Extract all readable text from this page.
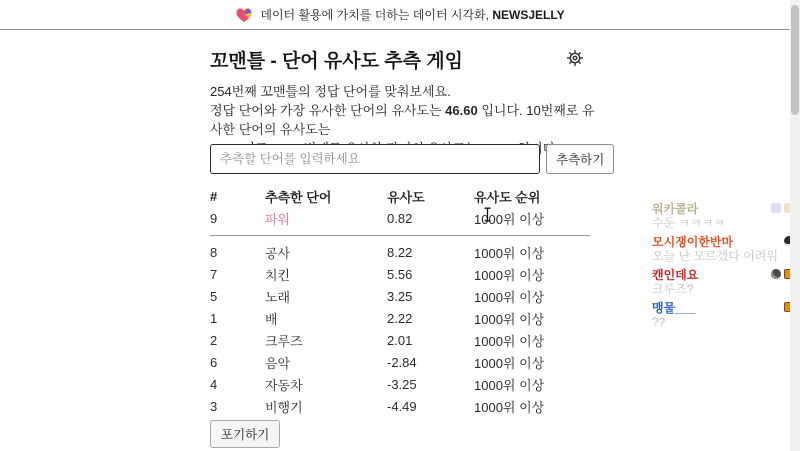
데이터 활용에 가치를 더하는 데이터 시각화, NEWSJELLY
꼬맨틀 - 단어 유사도 추측 게임
254번째 꼬맨틀의 정답 단어를 맞춰보세요.
정답 단어와 가장 유사한 단어의 유사도는 46.60 입니다. 10번째로 유사한 단어의 유사도는

추측할 단어를 입력하세요
추측하기
#	추측한 단어	유사도	유사도 순위
9	파워	0.82	1000위 이상
8	공사	8.22	1000위 이상
7	치킨	5.56	1000위 이상
5	노래	3.25	1000위 이상
1	배	2.22	1000위 이상
2	크루즈	2.01	1000위 이상
6	음악	-2.84	1000위 이상
4	자동차	-3.25	1000위 이상
3	비행기	-4.49	1000위 이상
포기하기
워카콜라
수둔 ㅋㅋㅋㅋ
모시쟁이한반마
오늘 난 모르겠다 어려워
캔인데요
크루즈?
맹물___
??
